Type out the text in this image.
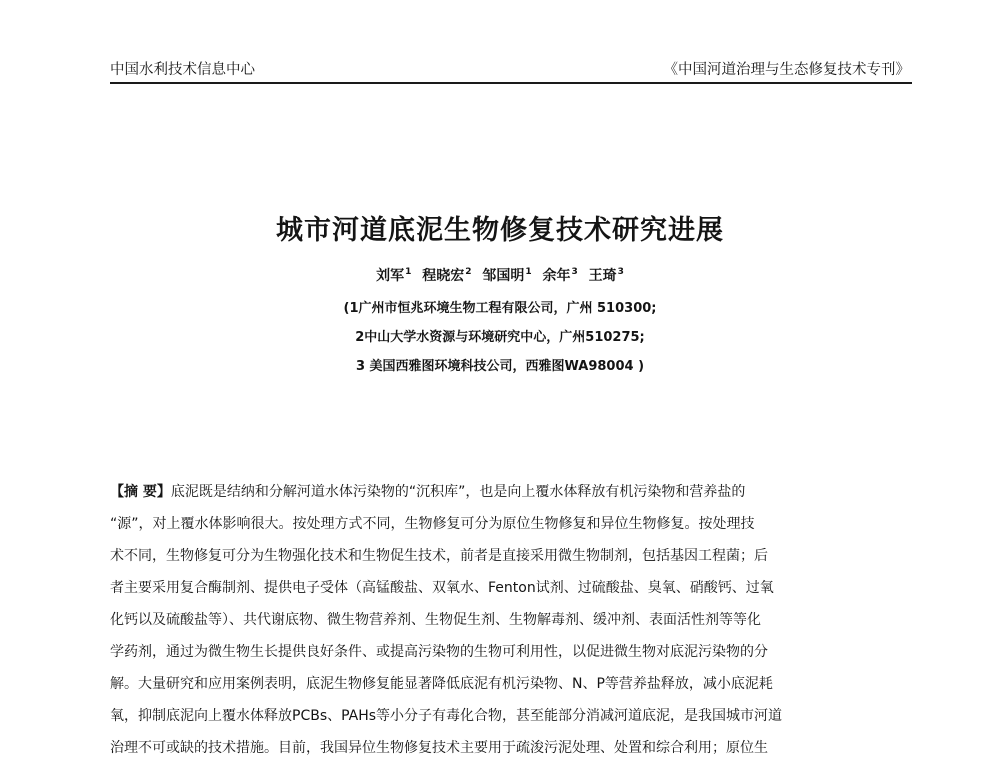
中国水利技术信息中心	《中国河道治理与生态修复技术专刊》
城市河道底泥生物修复技术研究进展
刘军$^1$ 程晓宏$^2$ 邹国明$^1$ 余年$^3$ 王琦$^3$
(1广州市恒兆环境生物工程有限公司，广州 510300;
2中山大学水资源与环境研究中心，广州510275;
3 美国西雅图环境科技公司，西雅图WA98004 )
【摘 要】底泥既是结纳和分解河道水体污染物的“沉积库”，也是向上覆水体释放有机污染物和营养盐的
“源”，对上覆水体影响很大。按处理方式不同，生物修复可分为原位生物修复和异位生物修复。按处理技
术不同，生物修复可分为生物强化技术和生物促生技术，前者是直接采用微生物制剂，包括基因工程菌；后
者主要采用复合酶制剂、提供电子受体（高锰酸盐、双氧水、Fenton试剂、过硫酸盐、臭氧、硝酸钙、过氧
化钙以及硫酸盐等）、共代谢底物、微生物营养剂、生物促生剂、生物解毒剂、缓冲剂、表面活性剂等等化
学药剂，通过为微生物生长提供良好条件、或提高污染物的生物可利用性，以促进微生物对底泥污染物的分
解。大量研究和应用案例表明，底泥生物修复能显著降低底泥有机污染物、N、P等营养盐释放，减小底泥耗
氧，抑制底泥向上覆水体释放PCBs、PAHs等小分子有毒化合物，甚至能部分消减河道底泥，是我国城市河道
治理不可或缺的技术措施。目前，我国异位生物修复技术主要用于疏浚污泥处理、处置和综合利用；原位生
